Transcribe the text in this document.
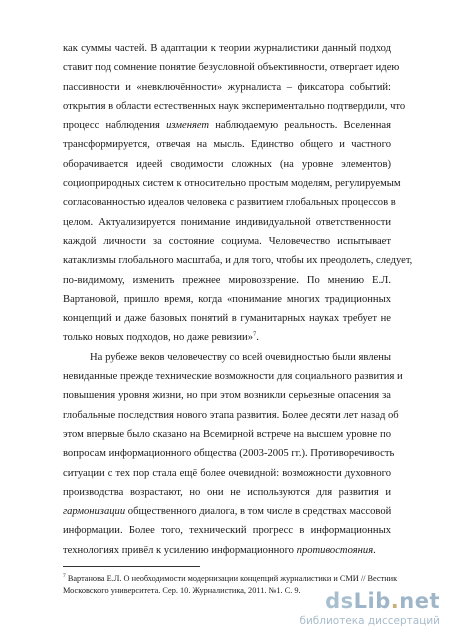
как суммы частей. В адаптации к теории журналистики данный подход
ставит под сомнение понятие безусловной объективности, отвергает идею
пассивности и «невключённости» журналиста – фиксатора событий:
открытия в области естественных наук экспериментально подтвердили, что
процесс наблюдения изменяет наблюдаемую реальность. Вселенная
трансформируется, отвечая на мысль. Единство общего и частного
оборачивается идеей сводимости сложных (на уровне элементов)
социоприродных систем к относительно простым моделям, регулируемым
согласованностью идеалов человека с развитием глобальных процессов в
целом. Актуализируется понимание индивидуальной ответственности
каждой личности за состояние социума. Человечество испытывает
катаклизмы глобального масштаба, и для того, чтобы их преодолеть, следует,
по-видимому, изменить прежнее мировоззрение. По мнению Е.Л.
Вартановой, пришло время, когда «понимание многих традиционных
концепций и даже базовых понятий в гуманитарных науках требует не
только новых подходов, но даже ревизии»$^7$.
На рубеже веков человечеству со всей очевидностью были явлены
невиданные прежде технические возможности для социального развития и
повышения уровня жизни, но при этом возникли серьезные опасения за
глобальные последствия нового этапа развития. Более десяти лет назад об
этом впервые было сказано на Всемирной встрече на высшем уровне по
вопросам информационного общества (2003-2005 гг.). Противоречивость
ситуации с тех пор стала ещё более очевидной: возможности духовного
производства возрастают, но они не используются для развития и
гармонизации общественного диалога, в том числе в средствах массовой
информации. Более того, технический прогресс в информационных
технологиях привёл к усилению информационного противостояния.
$^7$ Вартанова Е.Л. О необходимости модернизации концепций журналистики и СМИ // Вестник
Московского университета. Сер. 10. Журналистика, 2011. №1. С. 9.	dsLib.net
библиотека диссертаций
